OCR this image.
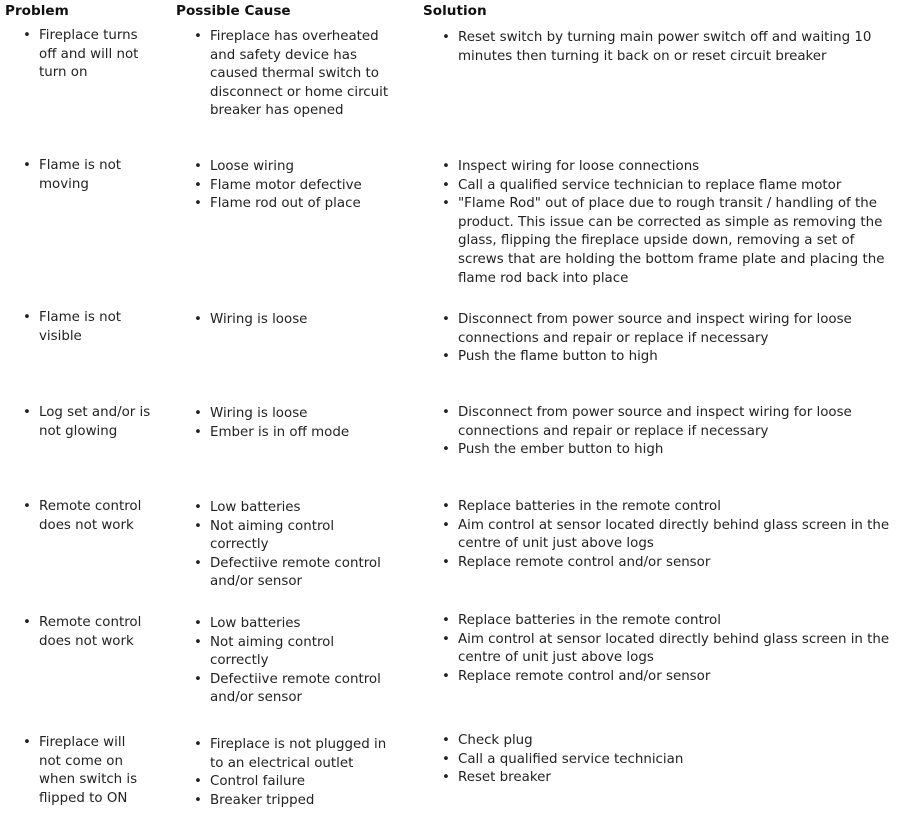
Problem	Possible Cause	Solution
• Fireplace turns off and will not turn on
• Fireplace has overheated and safety device has caused thermal switch to disconnect or home circuit breaker has opened
• Reset switch by turning main power switch off and waiting 10 minutes then turning it back on or reset circuit breaker
• Flame is not moving
• Loose wiring
• Flame motor defective
• Flame rod out of place
• Inspect wiring for loose connections
• Call a qualified service technician to replace flame motor
• "Flame Rod" out of place due to rough transit / handling of the product. This issue can be corrected as simple as removing the glass, flipping the fireplace upside down, removing a set of screws that are holding the bottom frame plate and placing the flame rod back into place
• Flame is not visible
• Wiring is loose
•	Disconnect from power source and inspect wiring for loose connections and repair or replace if necessary
• Push the flame button to high
• Log set and/or is not glowing
• Wiring is loose
• Ember is in off mode
• Disconnect from power source and inspect wiring for loose connections and repair or replace if necessary
• Push the ember button to high
• Remote control does not work
• Low batteries
• Not aiming control correctly
• Defectiive remote control and/or sensor
• Replace batteries in the remote control
• Aim control at sensor located directly behind glass screen in the centre of unit just above logs
• Replace remote control and/or sensor
• Remote control does not work
• Low batteries
• Not aiming control correctly
• Defectiive remote control and/or sensor
• Replace batteries in the remote control
• Aim control at sensor located directly behind glass screen in the centre of unit just above logs
• Replace remote control and/or sensor
• Fireplace will not come on when switch is flipped to ON
• Fireplace is not plugged in to an electrical outlet
• Control failure
• Breaker tripped
• Check plug
• Call a qualified service technician
• Reset breaker
